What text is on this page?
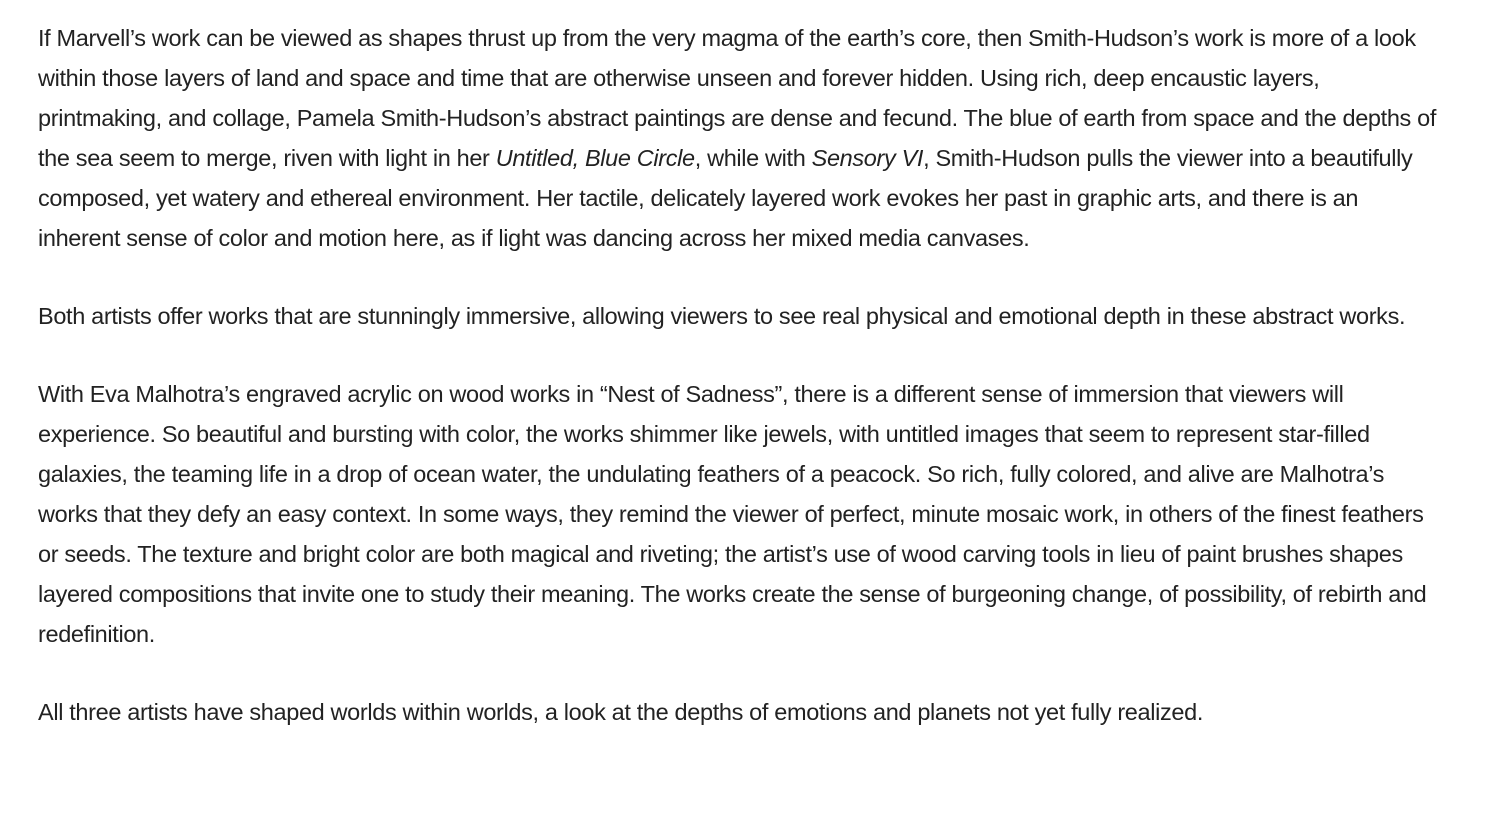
If Marvell’s work can be viewed as shapes thrust up from the very magma of the earth’s core, then Smith-Hudson’s work is more of a look within those layers of land and space and time that are otherwise unseen and forever hidden. Using rich, deep encaustic layers, printmaking, and collage, Pamela Smith-Hudson’s abstract paintings are dense and fecund. The blue of earth from space and the depths of the sea seem to merge, riven with light in her Untitled, Blue Circle, while with Sensory VI, Smith-Hudson pulls the viewer into a beautifully composed, yet watery and ethereal environment. Her tactile, delicately layered work evokes her past in graphic arts, and there is an inherent sense of color and motion here, as if light was dancing across her mixed media canvases.

Both artists offer works that are stunningly immersive, allowing viewers to see real physical and emotional depth in these abstract works.

With Eva Malhotra’s engraved acrylic on wood works in “Nest of Sadness”, there is a different sense of immersion that viewers will experience. So beautiful and bursting with color, the works shimmer like jewels, with untitled images that seem to represent star-filled galaxies, the teaming life in a drop of ocean water, the undulating feathers of a peacock. So rich, fully colored, and alive are Malhotra’s works that they defy an easy context. In some ways, they remind the viewer of perfect, minute mosaic work, in others of the finest feathers or seeds. The texture and bright color are both magical and riveting; the artist’s use of wood carving tools in lieu of paint brushes shapes layered compositions that invite one to study their meaning. The works create the sense of burgeoning change, of possibility, of rebirth and redefinition.

All three artists have shaped worlds within worlds, a look at the depths of emotions and planets not yet fully realized.
